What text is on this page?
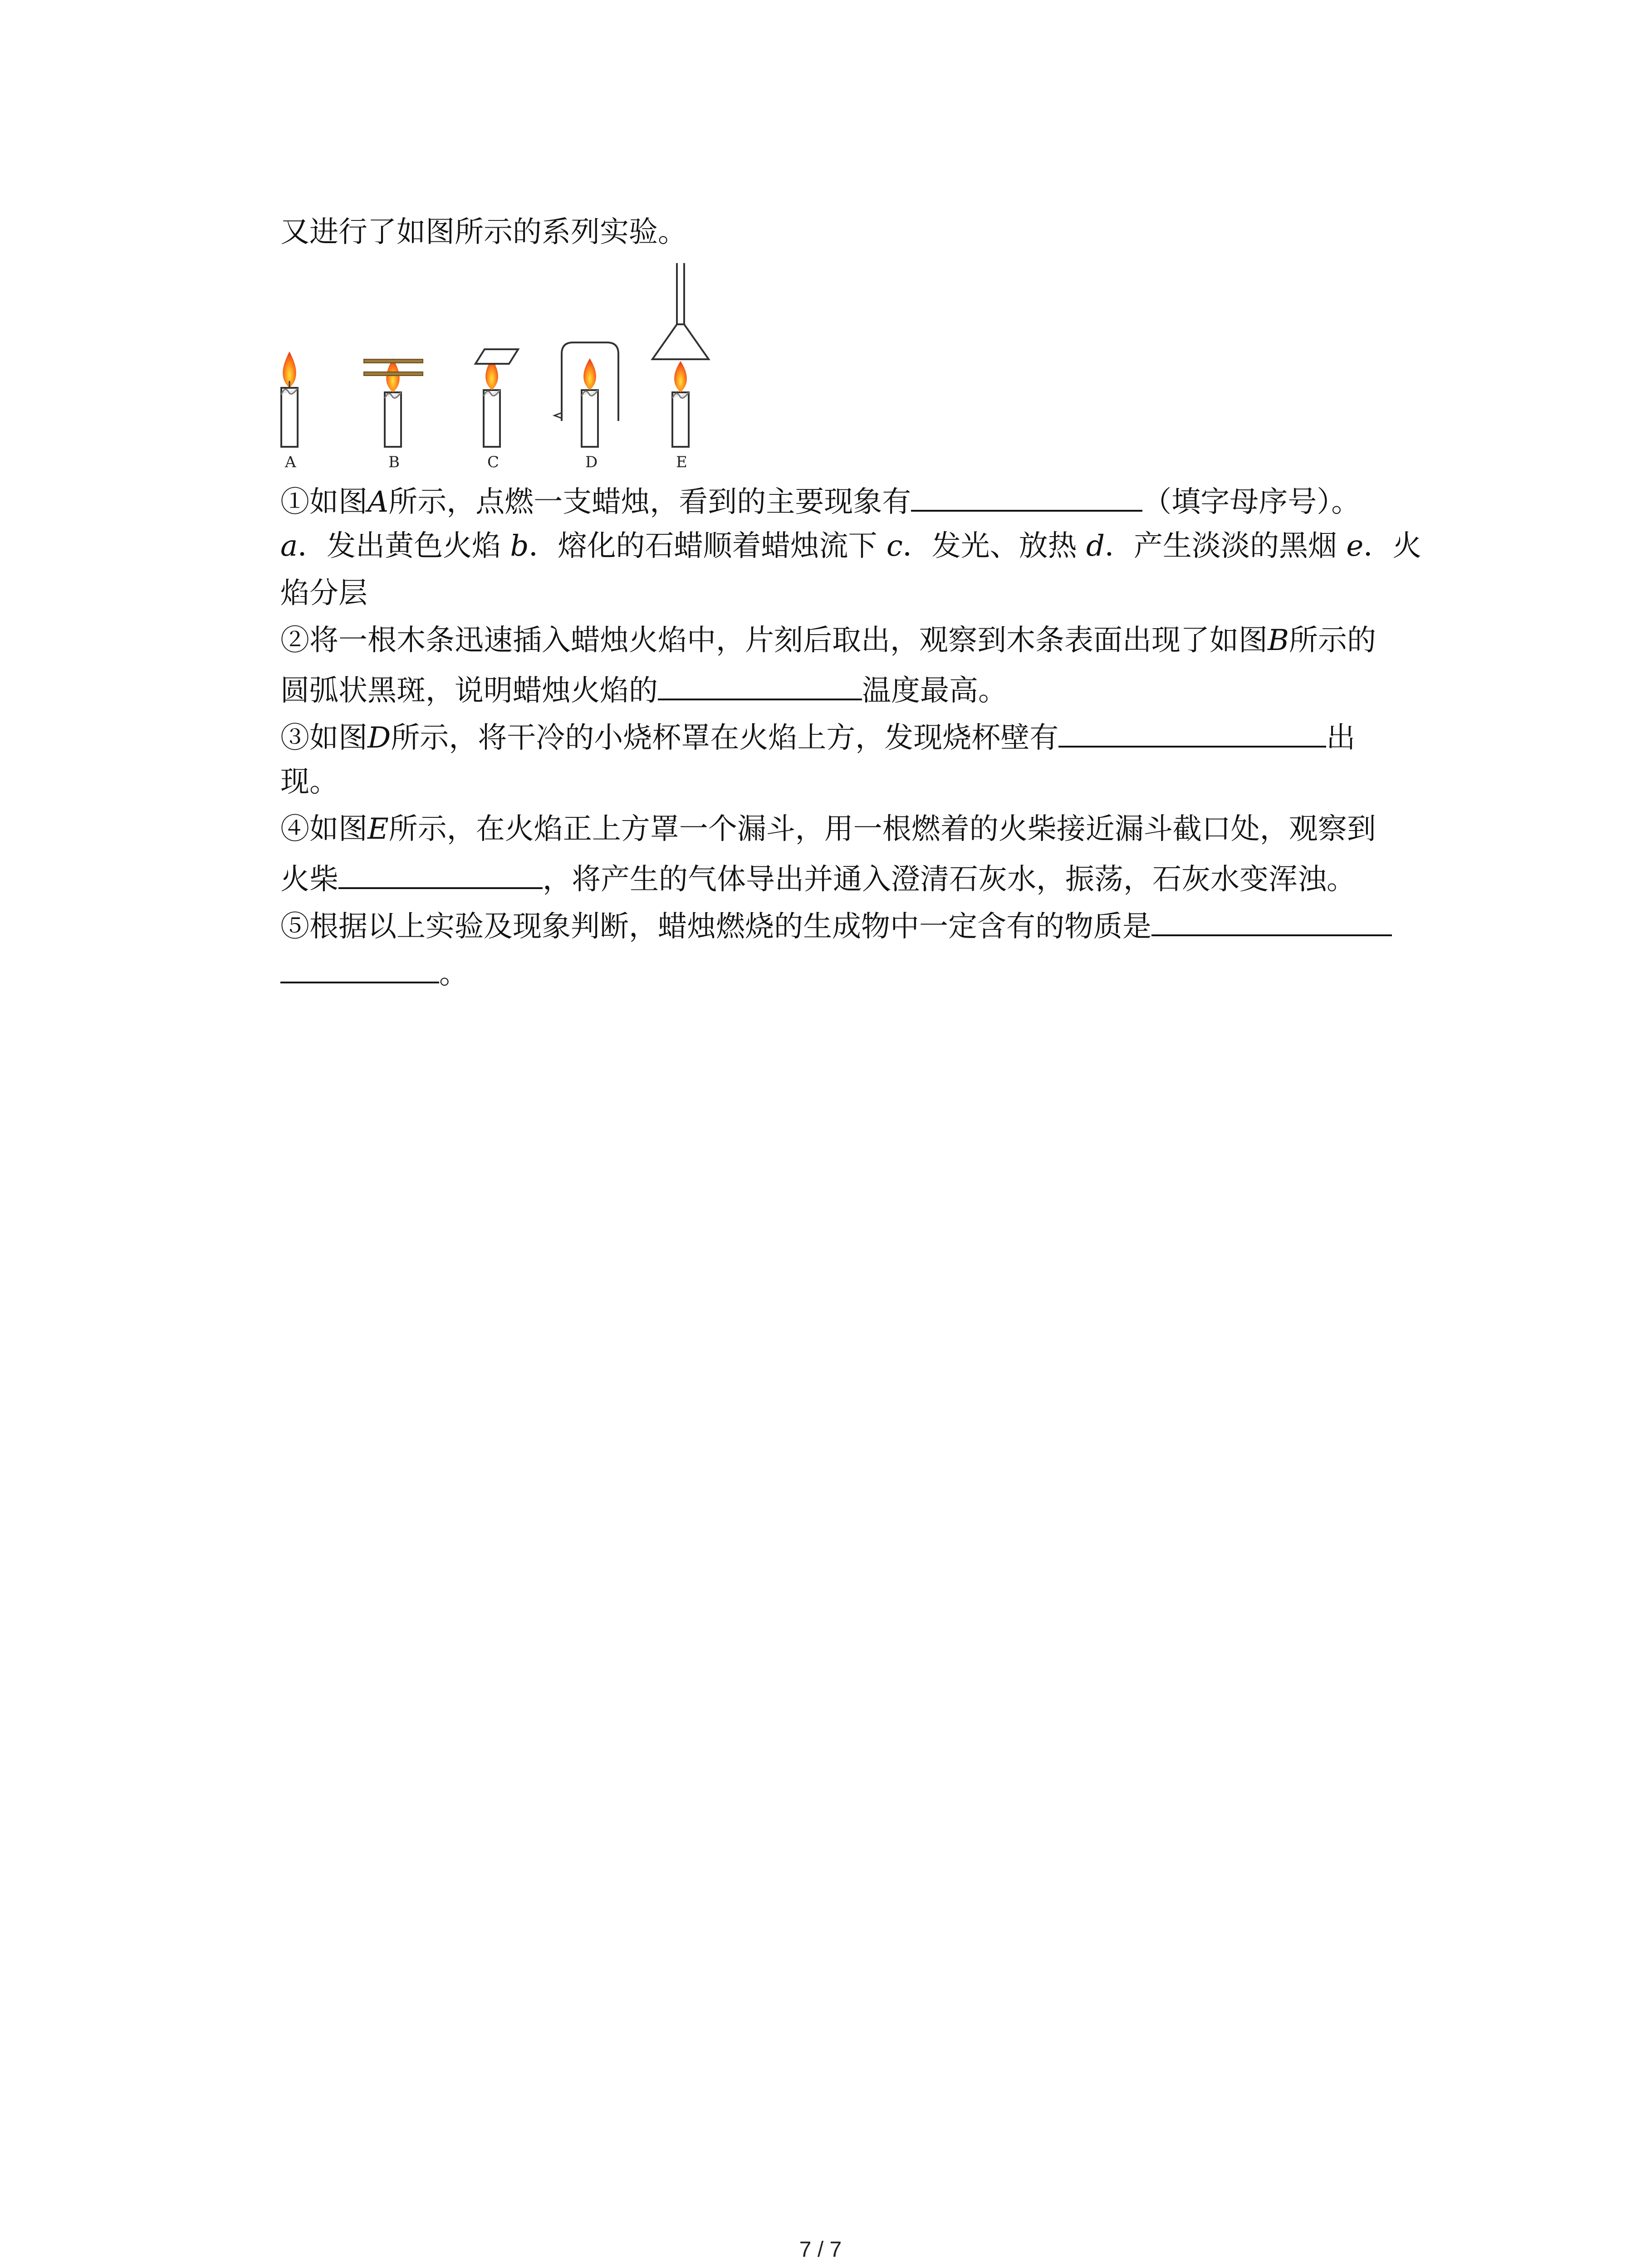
又进行了如图所示的系列实验。
A	B	C	D	E
①如图A所示，点燃一支蜡烛，看到的主要现象有	（填字母序号）。
a．发出黄色火焰 b．熔化的石蜡顺着蜡烛流下 c．发光、放热 d．产生淡淡的黑烟 e．火
焰分层
②将一根木条迅速插入蜡烛火焰中，片刻后取出，观察到木条表面出现了如图B所示的
圆弧状黑斑，说明蜡烛火焰的	温度最高。
③如图D所示，将干冷的小烧杯罩在火焰上方，发现烧杯壁有	出
现。
④如图E所示，在火焰正上方罩一个漏斗，用一根燃着的火柴接近漏斗截口处，观察到
火柴	，将产生的气体导出并通入澄清石灰水，振荡，石灰水变浑浊。
⑤根据以上实验及现象判断，蜡烛燃烧的生成物中一定含有的物质是
。
7 / 7
